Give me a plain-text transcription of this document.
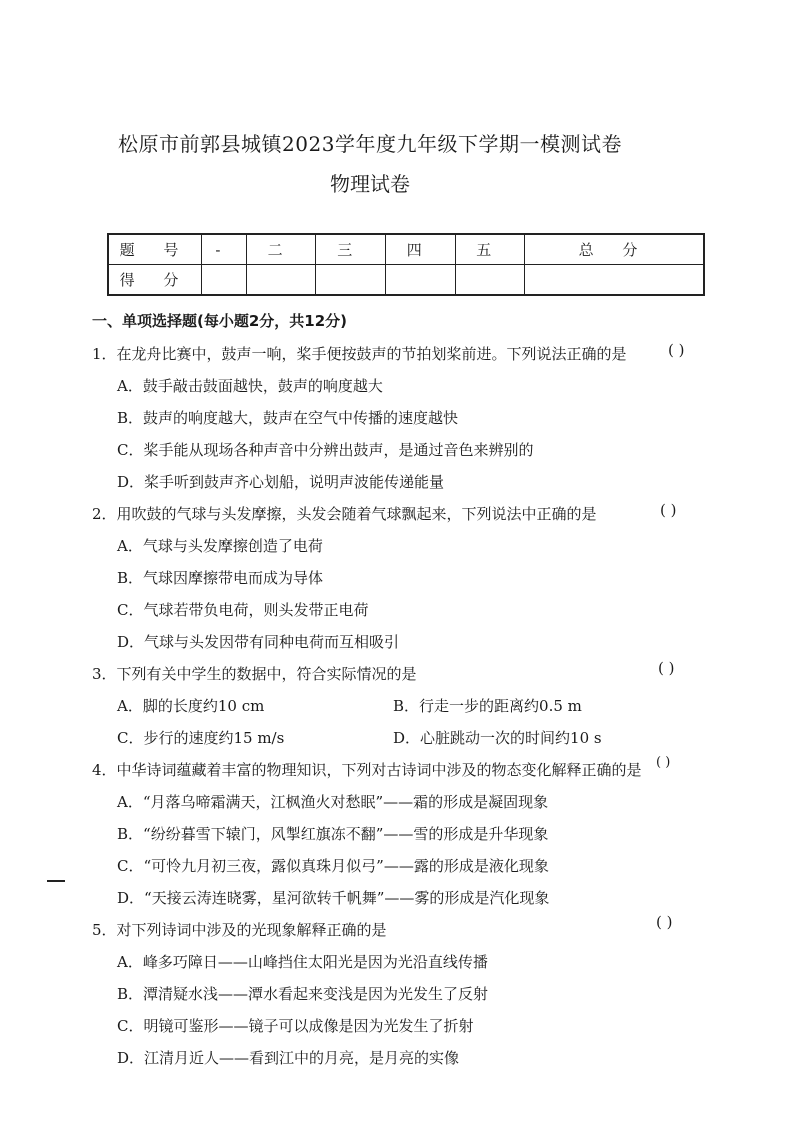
松原市前郭县城镇2023学年度九年级下学期一模测试卷
物理试卷
题 号	-	二	三	四	五	总 分
得 分						
一、单项选择题(每小题2分，共12分)
1．在龙舟比赛中，鼓声一响，桨手便按鼓声的节拍划桨前进。下列说法正确的是	( )
A．鼓手敲击鼓面越快，鼓声的响度越大
B．鼓声的响度越大，鼓声在空气中传播的速度越快
C．桨手能从现场各种声音中分辨出鼓声，是通过音色来辨别的
D．桨手听到鼓声齐心划船，说明声波能传递能量
2．用吹鼓的气球与头发摩擦，头发会随着气球飘起来，下列说法中正确的是	( )
A．气球与头发摩擦创造了电荷
B．气球因摩擦带电而成为导体
C．气球若带负电荷，则头发带正电荷
D．气球与头发因带有同种电荷而互相吸引
3．下列有关中学生的数据中，符合实际情况的是	( )
A．脚的长度约10 cm	B．行走一步的距离约0.5 m
C．步行的速度约15 m/s	D．心脏跳动一次的时间约10 s
4．中华诗词蕴藏着丰富的物理知识，下列对古诗词中涉及的物态变化解释正确的是 ( )
A．“月落乌啼霜满天，江枫渔火对愁眠”——霜的形成是凝固现象
B．“纷纷暮雪下辕门，风掣红旗冻不翻”——雪的形成是升华现象
C．“可怜九月初三夜，露似真珠月似弓”——露的形成是液化现象
D．“天接云涛连晓雾，星河欲转千帆舞”——雾的形成是汽化现象
5．对下列诗词中涉及的光现象解释正确的是	( )
A．峰多巧障日——山峰挡住太阳光是因为光沿直线传播
B．潭清疑水浅——潭水看起来变浅是因为光发生了反射
C．明镜可鉴形——镜子可以成像是因为光发生了折射
D．江清月近人——看到江中的月亮，是月亮的实像
